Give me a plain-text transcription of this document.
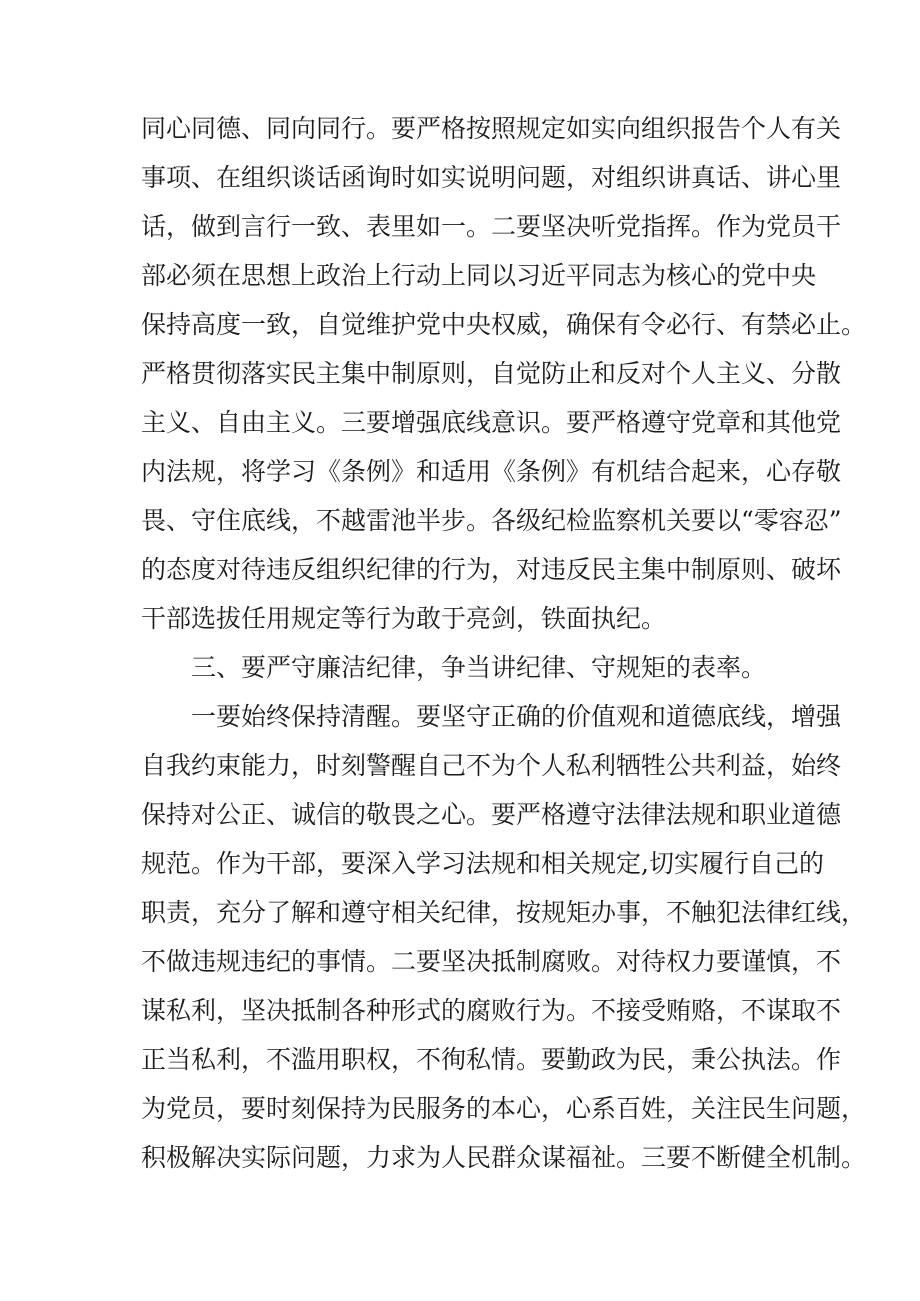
同心同德、同向同行。要严格按照规定如实向组织报告个人有关
事项、在组织谈话函询时如实说明问题，对组织讲真话、讲心里
话，做到言行一致、表里如一。二要坚决听党指挥。作为党员干
部必须在思想上政治上行动上同以习近平同志为核心的党中央
保持高度一致，自觉维护党中央权威，确保有令必行、有禁必止。
严格贯彻落实民主集中制原则，自觉防止和反对个人主义、分散
主义、自由主义。三要增强底线意识。要严格遵守党章和其他党
内法规，将学习《条例》和适用《条例》有机结合起来，心存敬
畏、守住底线，不越雷池半步。各级纪检监察机关要以“零容忍”
的态度对待违反组织纪律的行为，对违反民主集中制原则、破坏
干部选拔任用规定等行为敢于亮剑，铁面执纪。
三、要严守廉洁纪律，争当讲纪律、守规矩的表率。
一要始终保持清醒。要坚守正确的价值观和道德底线，增强
自我约束能力，时刻警醒自己不为个人私利牺牲公共利益，始终
保持对公正、诚信的敬畏之心。要严格遵守法律法规和职业道德
规范。作为干部，要深入学习法规和相关规定,切实履行自己的
职责，充分了解和遵守相关纪律，按规矩办事，不触犯法律红线，
不做违规违纪的事情。二要坚决抵制腐败。对待权力要谨慎，不
谋私利，坚决抵制各种形式的腐败行为。不接受贿赂，不谋取不
正当私利，不滥用职权，不徇私情。要勤政为民，秉公执法。作
为党员，要时刻保持为民服务的本心，心系百姓，关注民生问题，
积极解决实际问题，力求为人民群众谋福祉。三要不断健全机制。
